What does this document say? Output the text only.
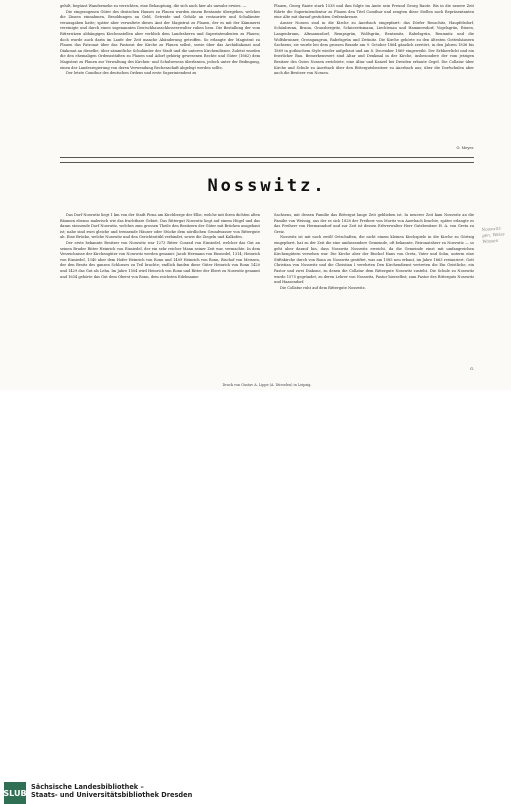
gehilt, begünst Wandermehe zu verrichten, eine Behauptung, die sich auch hier als unwahr erwies. —

Die eingezogenen Güter des deutschen Hauses zu Plauen wurden einem Rentamte übergeben, welches die Zinsen einnahmen, Besoldungen an Geld, Getreide und Gehölz an restaurirte und Schulämter verausgaben hatte; später aber verwaltete dieses Amt der Magistrat zu Plauen, der es mit der Kämmerei vereinigte und durch einen sogenannten Deutschhausschlossverwalter ruhen liess. Die Bestallung der vom Rittersitzen abhängigen Kirchenstellen aber verblieb dem Landesherrn und Superintendenten zu Plauen; doch wurde auch darin im Laufe der Zeit manche Abänderung getroffen. So erlangte der Magistrat zu Plauen das Patronat über das Pastorat der Kirche zu Plauen selbst, sowie über das Archidiakonat und Diakonat an dieselbe, über sämmtliche Schulämter der Stadt und die unteren Kirchendiener. Zuletzt wurden die den ehemaligen Ordensstädten zu Plauen und Adorf gehörig gewesenen Rechte und Güter (1662) dem Magistrat zu Plauen zur Verwaltung des Kirchen- und Schulwesens überlassen, jedoch unter der Bedingung, einen der Landesregierung von deren Verwendung Rechenschaft abgelegt werden sollte.

Der letzte Comthur des deutschen Ordens und erste Superintendent zu

Plauen, Georg Raute starb 1538 und ihm folgte im Amte sein Freund Georg Raute. Bis in die neuere Zeit führte die Superintendentur zu Plauen den Titel Comthur und zeugten diese Stellen noch Repräsentanten eine Alte mit darauf gestickten Ordenskreuze.

Ausser Nossen sind in die Kirche zu Auerbach eingepfarrt: das Dörfer Reuschitz, Haupfelsdorf, Schönbrunn, Brunn, Gronsbergritz, Schneeritsmann, Liechtenau und Hammersdorf, Vogelsgrün, Rissen, Langenbrunn, Altmannsdorf, Rempsgrün, Wolfsgrün, Rentzmitz, Rabelsgrün, Reumnitz und die Wolfsbrunner, Grossgaugrun, Rabelsgrün und Zwünitz. Die Kirche gehörte zu den ältesten Gotteshäusern Sachsens; sie wurde bei dem grossen Brande am 9. October 1864 gänzlich zerstört, in den Jahren 1836 bis 1869 in gothischem Style wieder aufgebaut und am 8. December 1869 eingeweiht. Der Erbherrlicht und ein feierlicher Bau. Bemerkenswert sind Altar und Denkmal in der Kirche, insbesondere der vom jetzigen Besitzer des Gutes Nossen errichtete, eine Altar und Kanzel bei Dresden erbaute Orgel. Die Collatur über Kirche und Schule zu Auerbach über den Rittergutsbesitzer zu Auerbach aus; über die Dorfschulen aber auch die Besitzer von Nossen.

O. Meyer.
Nosswitz.

Das Dorf Nosswitz liegt 1 km von der Stadt Pirna am Kirchberge der Elbe, welche mit ihren dichten alten Bäumen ebenso malerisch wie das fruchtbare Gebiet. Das Rittergut Nosswitz liegt auf einem Hügel und das daran stossende Dorf Nosswitz, welches zum grossen Theile den Besitzern der Güter mit Brücken ausgebaut ist; nahe sind zwei gleiche und trennende Häuser oder Stücke dem nördlichen Grundwasser von Rittergute ab. Eine Brücke, welche Nosswitz und den Gerichtsstühl verbindet, sowie die Ziegeln und Kalkofen.

Der erste bekannte Besitzer von Nosswitz war 1273 Ritter Conrad von Einsiedel, welcher das Gut an seinen Bruder Ritter Heinrich von Einsiedel, der ein sehr reicher Mann seiner Zeit war, vermachte. In dem Verzeichnisse der Kirchengüter von Nosswitz werden genannt: Jacob Hermann von Einsiedel, 1314; Heinrich von Einsiedel, 1340 aber dem Hofer Heinrich von Ronn und 1409 Heinrich von Ronn, Bischof von Meissen, der den Besitz des ganzen Schlosses zu Teil brachte; endlich fanden diese Güter Heinrich von Ronn 1420 und 1429 das Gut als Lehn. Im Jahre 1504 wird Heinrich von Ronn und Ritter der Ebert zu Nosswitz genannt und 1634 gehörte das Gut dem Oberst von Ronn, dem reichsten Edelmanne

Sachsens, mit dessen Familie das Rittergut lange Zeit geblieben ist. In neuerer Zeit kam Nosswitz an die Familie von Weissig, aus der es sich 1828 der Freiherr von Moritz von Auerbach brachte, später erlangte es das Freiherr von Hermanndorf und zur Zeit ist dessen Erbverwalter Herr Gutsbesitzer H. A. von Greta zu Greiz.

Nosswitz ist mit noch zwölf Ortschaften, die nicht einem kleinen Kirchspiele in die Kirche zu Görtzig eingepfarrt, hat zu der Zeit die eine umfassendere Gemeinde, oft bekannte, Patronatsherr zu Nosswitz — so geht aber darauf hin, dass Nosswitz Nosswitz erreicht, da die Gemeinde einst mit umfangreichen Kirchengütern versehen war. Die Kirche aber der Bischof Hans von Greta, Vater und Sohn, unterm eine Stiftskirche durch von Ronn zu Nosswitz gestiftet, was am 1585 neu erbaut, im Jahre 1663 restauriert. Gott Christian von Nosswitz und die Christian I verehrten Den Kirchendienst vertreten die Ein Geistliche, ein Pastor und zwei Diakone, zu denen die Collatur dem Rittergute Nosswitz zusteht. Die Schule zu Nosswitz wurde 1575 gegründet, zu deren Lehrer von Nosswitz, Pastor hierselbst; zum Pastor des Ritterguts Nosswitz und Haasendorf.

Die Collatur ruht auf dem Rittergute Nosswitz.

G.
Nosswitz gen. Weiss Wassen
Druck von Gustav A. Lippe (A. Dürselen) in Leipzig.
SLUB
Sächsische Landesbibliothek –
Staats- und Universitätsbibliothek Dresden
